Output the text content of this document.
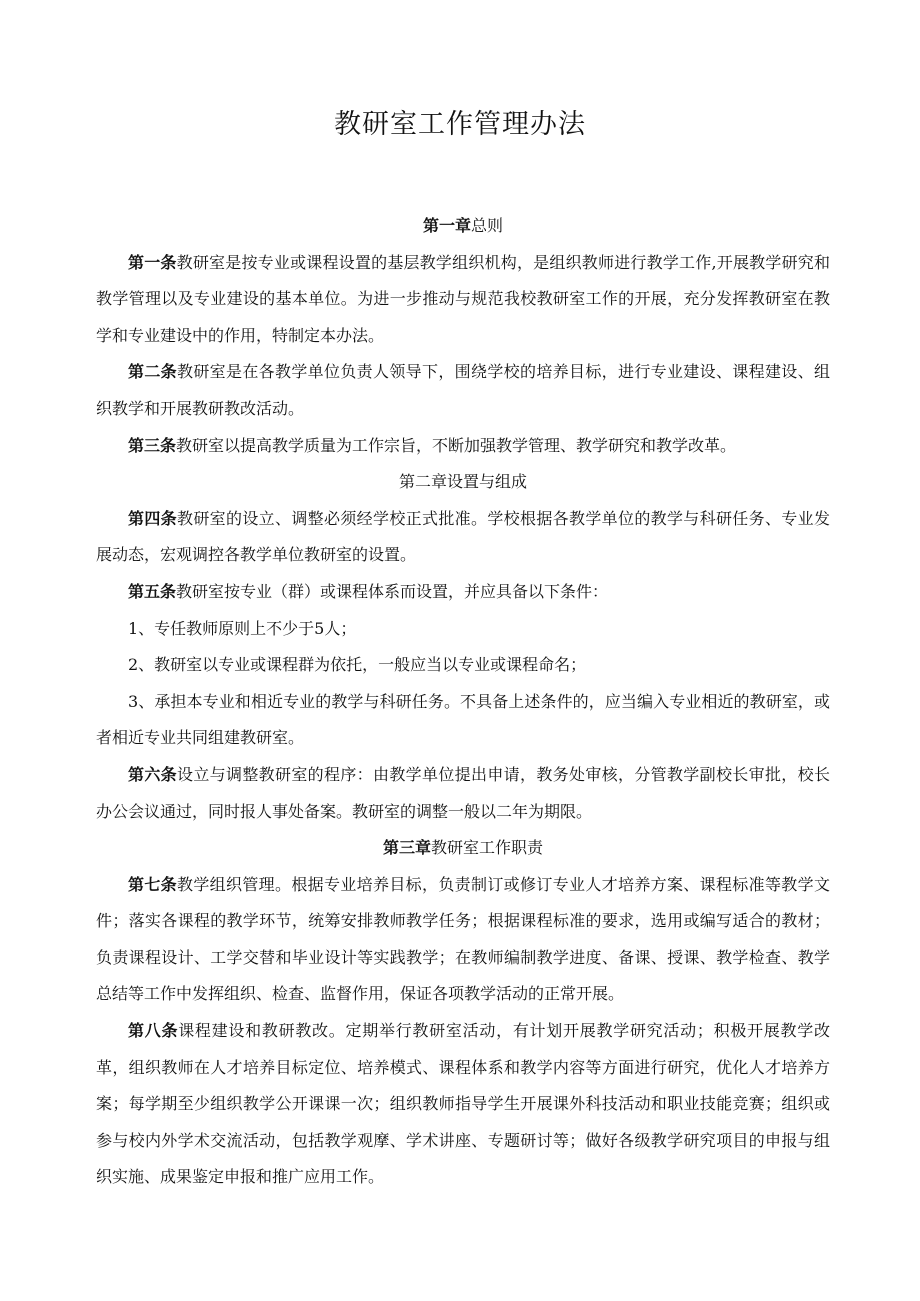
教研室工作管理办法

第一章总则

第一条教研室是按专业或课程设置的基层教学组织机构，是组织教师进行教学工作,开展教学研究和教学管理以及专业建设的基本单位。为进一步推动与规范我校教研室工作的开展，充分发挥教研室在教学和专业建设中的作用，特制定本办法。

第二条教研室是在各教学单位负责人领导下，围绕学校的培养目标，进行专业建设、课程建设、组织教学和开展教研教改活动。

第三条教研室以提高教学质量为工作宗旨，不断加强教学管理、教学研究和教学改革。

第二章设置与组成

第四条教研室的设立、调整必须经学校正式批准。学校根据各教学单位的教学与科研任务、专业发展动态，宏观调控各教学单位教研室的设置。

第五条教研室按专业（群）或课程体系而设置，并应具备以下条件：

1、专任教师原则上不少于5人；

2、教研室以专业或课程群为依托，一般应当以专业或课程命名；

3、承担本专业和相近专业的教学与科研任务。不具备上述条件的，应当编入专业相近的教研室，或者相近专业共同组建教研室。

第六条设立与调整教研室的程序：由教学单位提出申请，教务处审核，分管教学副校长审批，校长办公会议通过，同时报人事处备案。教研室的调整一般以二年为期限。

第三章教研室工作职责

第七条教学组织管理。根据专业培养目标，负责制订或修订专业人才培养方案、课程标准等教学文件；落实各课程的教学环节，统筹安排教师教学任务；根据课程标准的要求，选用或编写适合的教材；负责课程设计、工学交替和毕业设计等实践教学；在教师编制教学进度、备课、授课、教学检查、教学总结等工作中发挥组织、检查、监督作用，保证各项教学活动的正常开展。

第八条课程建设和教研教改。定期举行教研室活动，有计划开展教学研究活动；积极开展教学改革，组织教师在人才培养目标定位、培养模式、课程体系和教学内容等方面进行研究，优化人才培养方案；每学期至少组织教学公开课课一次；组织教师指导学生开展课外科技活动和职业技能竞赛；组织或参与校内外学术交流活动，包括教学观摩、学术讲座、专题研讨等；做好各级教学研究项目的申报与组织实施、成果鉴定申报和推广应用工作。
